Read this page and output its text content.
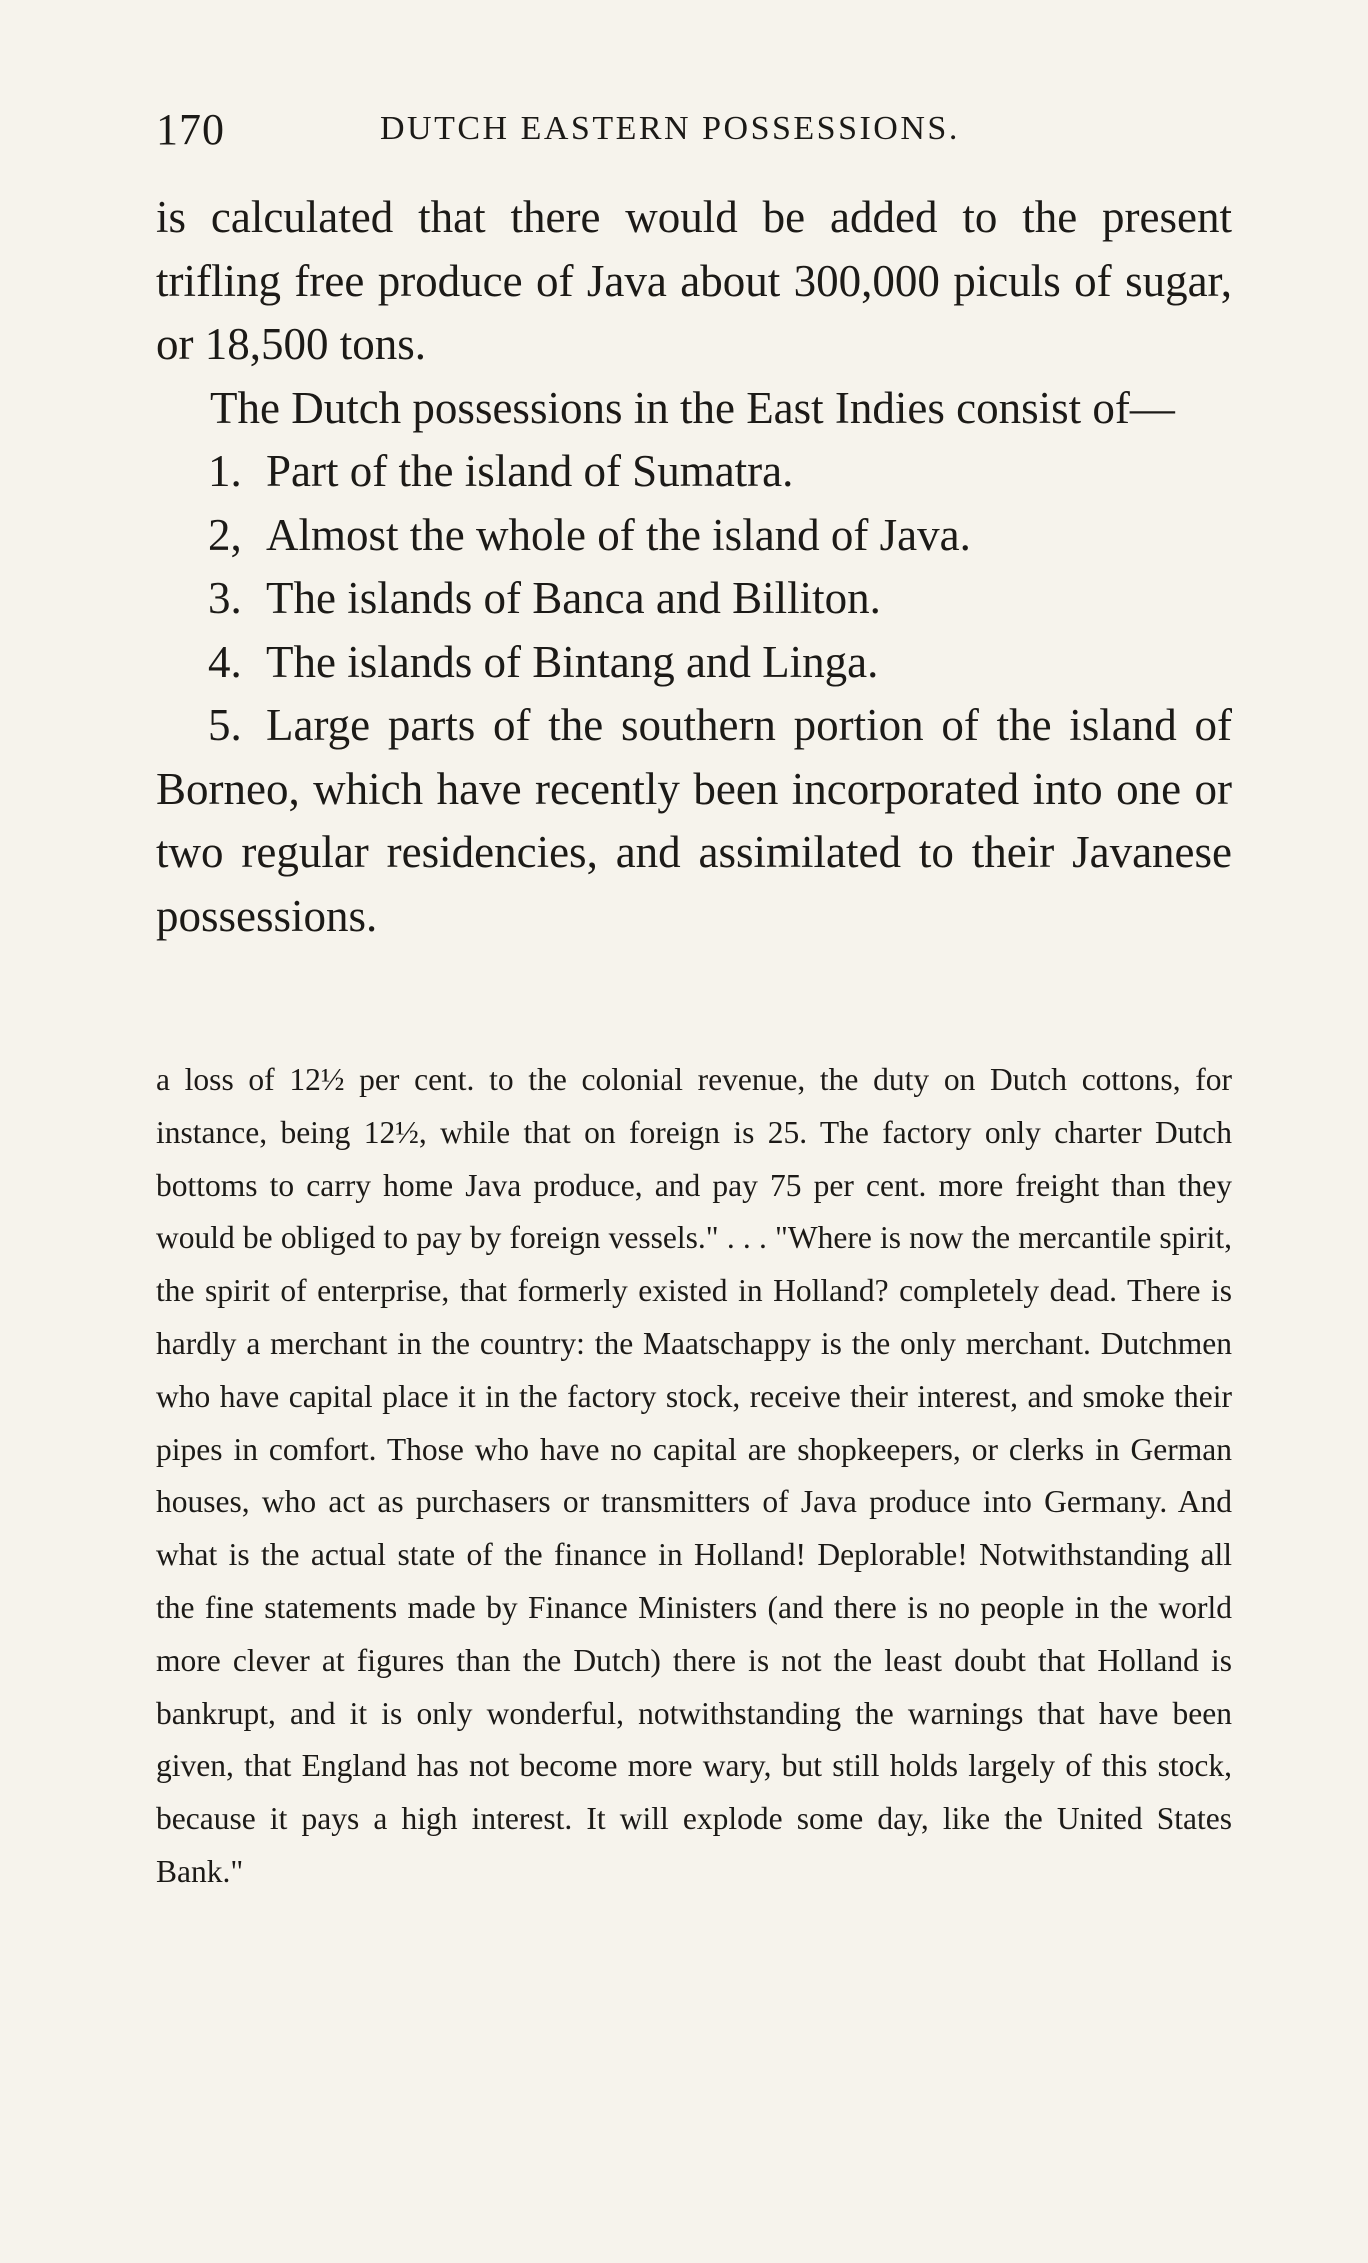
170	DUTCH EASTERN POSSESSIONS.

is calculated that there would be added to the present trifling free produce of Java about 300,000 piculs of sugar, or 18,500 tons.

The Dutch possessions in the East Indies consist of—

1. Part of the island of Sumatra.

2, Almost the whole of the island of Java.

3. The islands of Banca and Billiton.

4. The islands of Bintang and Linga.

5. Large parts of the southern portion of the island of Borneo, which have recently been incorporated into one or two regular residencies, and assimilated to their Javanese possessions.

a loss of 12½ per cent. to the colonial revenue, the duty on Dutch cottons, for instance, being 12½, while that on foreign is 25. The factory only charter Dutch bottoms to carry home Java produce, and pay 75 per cent. more freight than they would be obliged to pay by foreign vessels." . . . "Where is now the mercantile spirit, the spirit of enterprise, that formerly existed in Holland? completely dead. There is hardly a merchant in the country: the Maatschappy is the only merchant. Dutchmen who have capital place it in the factory stock, receive their interest, and smoke their pipes in comfort. Those who have no capital are shopkeepers, or clerks in German houses, who act as purchasers or transmitters of Java produce into Germany. And what is the actual state of the finance in Holland! Deplorable! Notwithstanding all the fine statements made by Finance Ministers (and there is no people in the world more clever at figures than the Dutch) there is not the least doubt that Holland is bankrupt, and it is only wonderful, notwithstanding the warnings that have been given, that England has not become more wary, but still holds largely of this stock, because it pays a high interest. It will explode some day, like the United States Bank."
